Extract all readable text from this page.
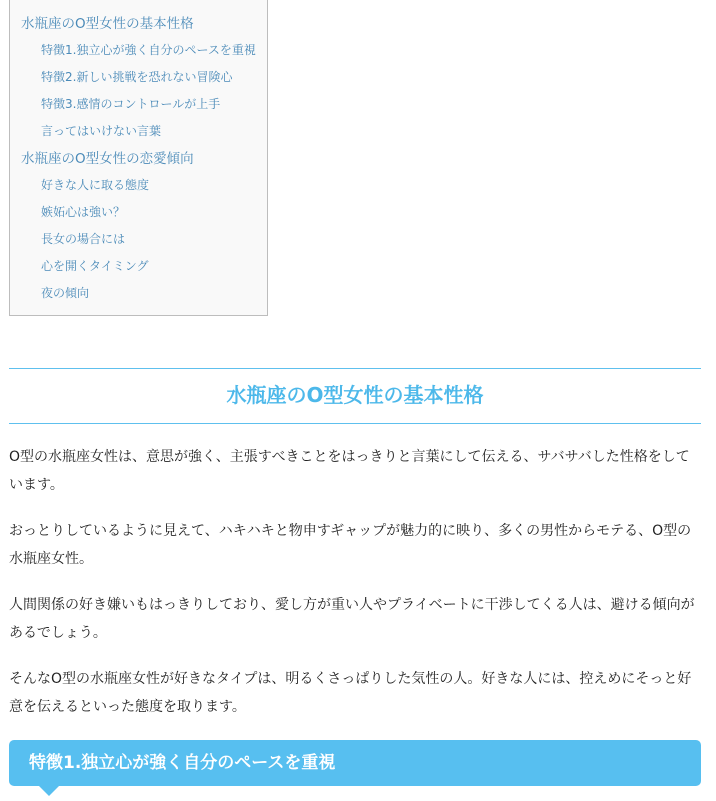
水瓶座のO型女性の基本性格
特徴1.独立心が強く自分のペースを重視
特徴2.新しい挑戦を恐れない冒険心
特徴3.感情のコントロールが上手
言ってはいけない言葉
水瓶座のO型女性の恋愛傾向
好きな人に取る態度
嫉妬心は強い？
長女の場合には
心を開くタイミング
夜の傾向
水瓶座のO型女性の基本性格

O型の水瓶座女性は、意思が強く、主張すべきことをはっきりと言葉にして伝える、サバサバした性格をしています。

おっとりしているように見えて、ハキハキと物申すギャップが魅力的に映り、多くの男性からモテる、O型の水瓶座女性。

人間関係の好き嫌いもはっきりしており、愛し方が重い人やプライベートに干渉してくる人は、避ける傾向があるでしょう。

そんなO型の水瓶座女性が好きなタイプは、明るくさっぱりした気性の人。好きな人には、控えめにそっと好意を伝えるといった態度を取ります。

特徴1.独立心が強く自分のペースを重視
